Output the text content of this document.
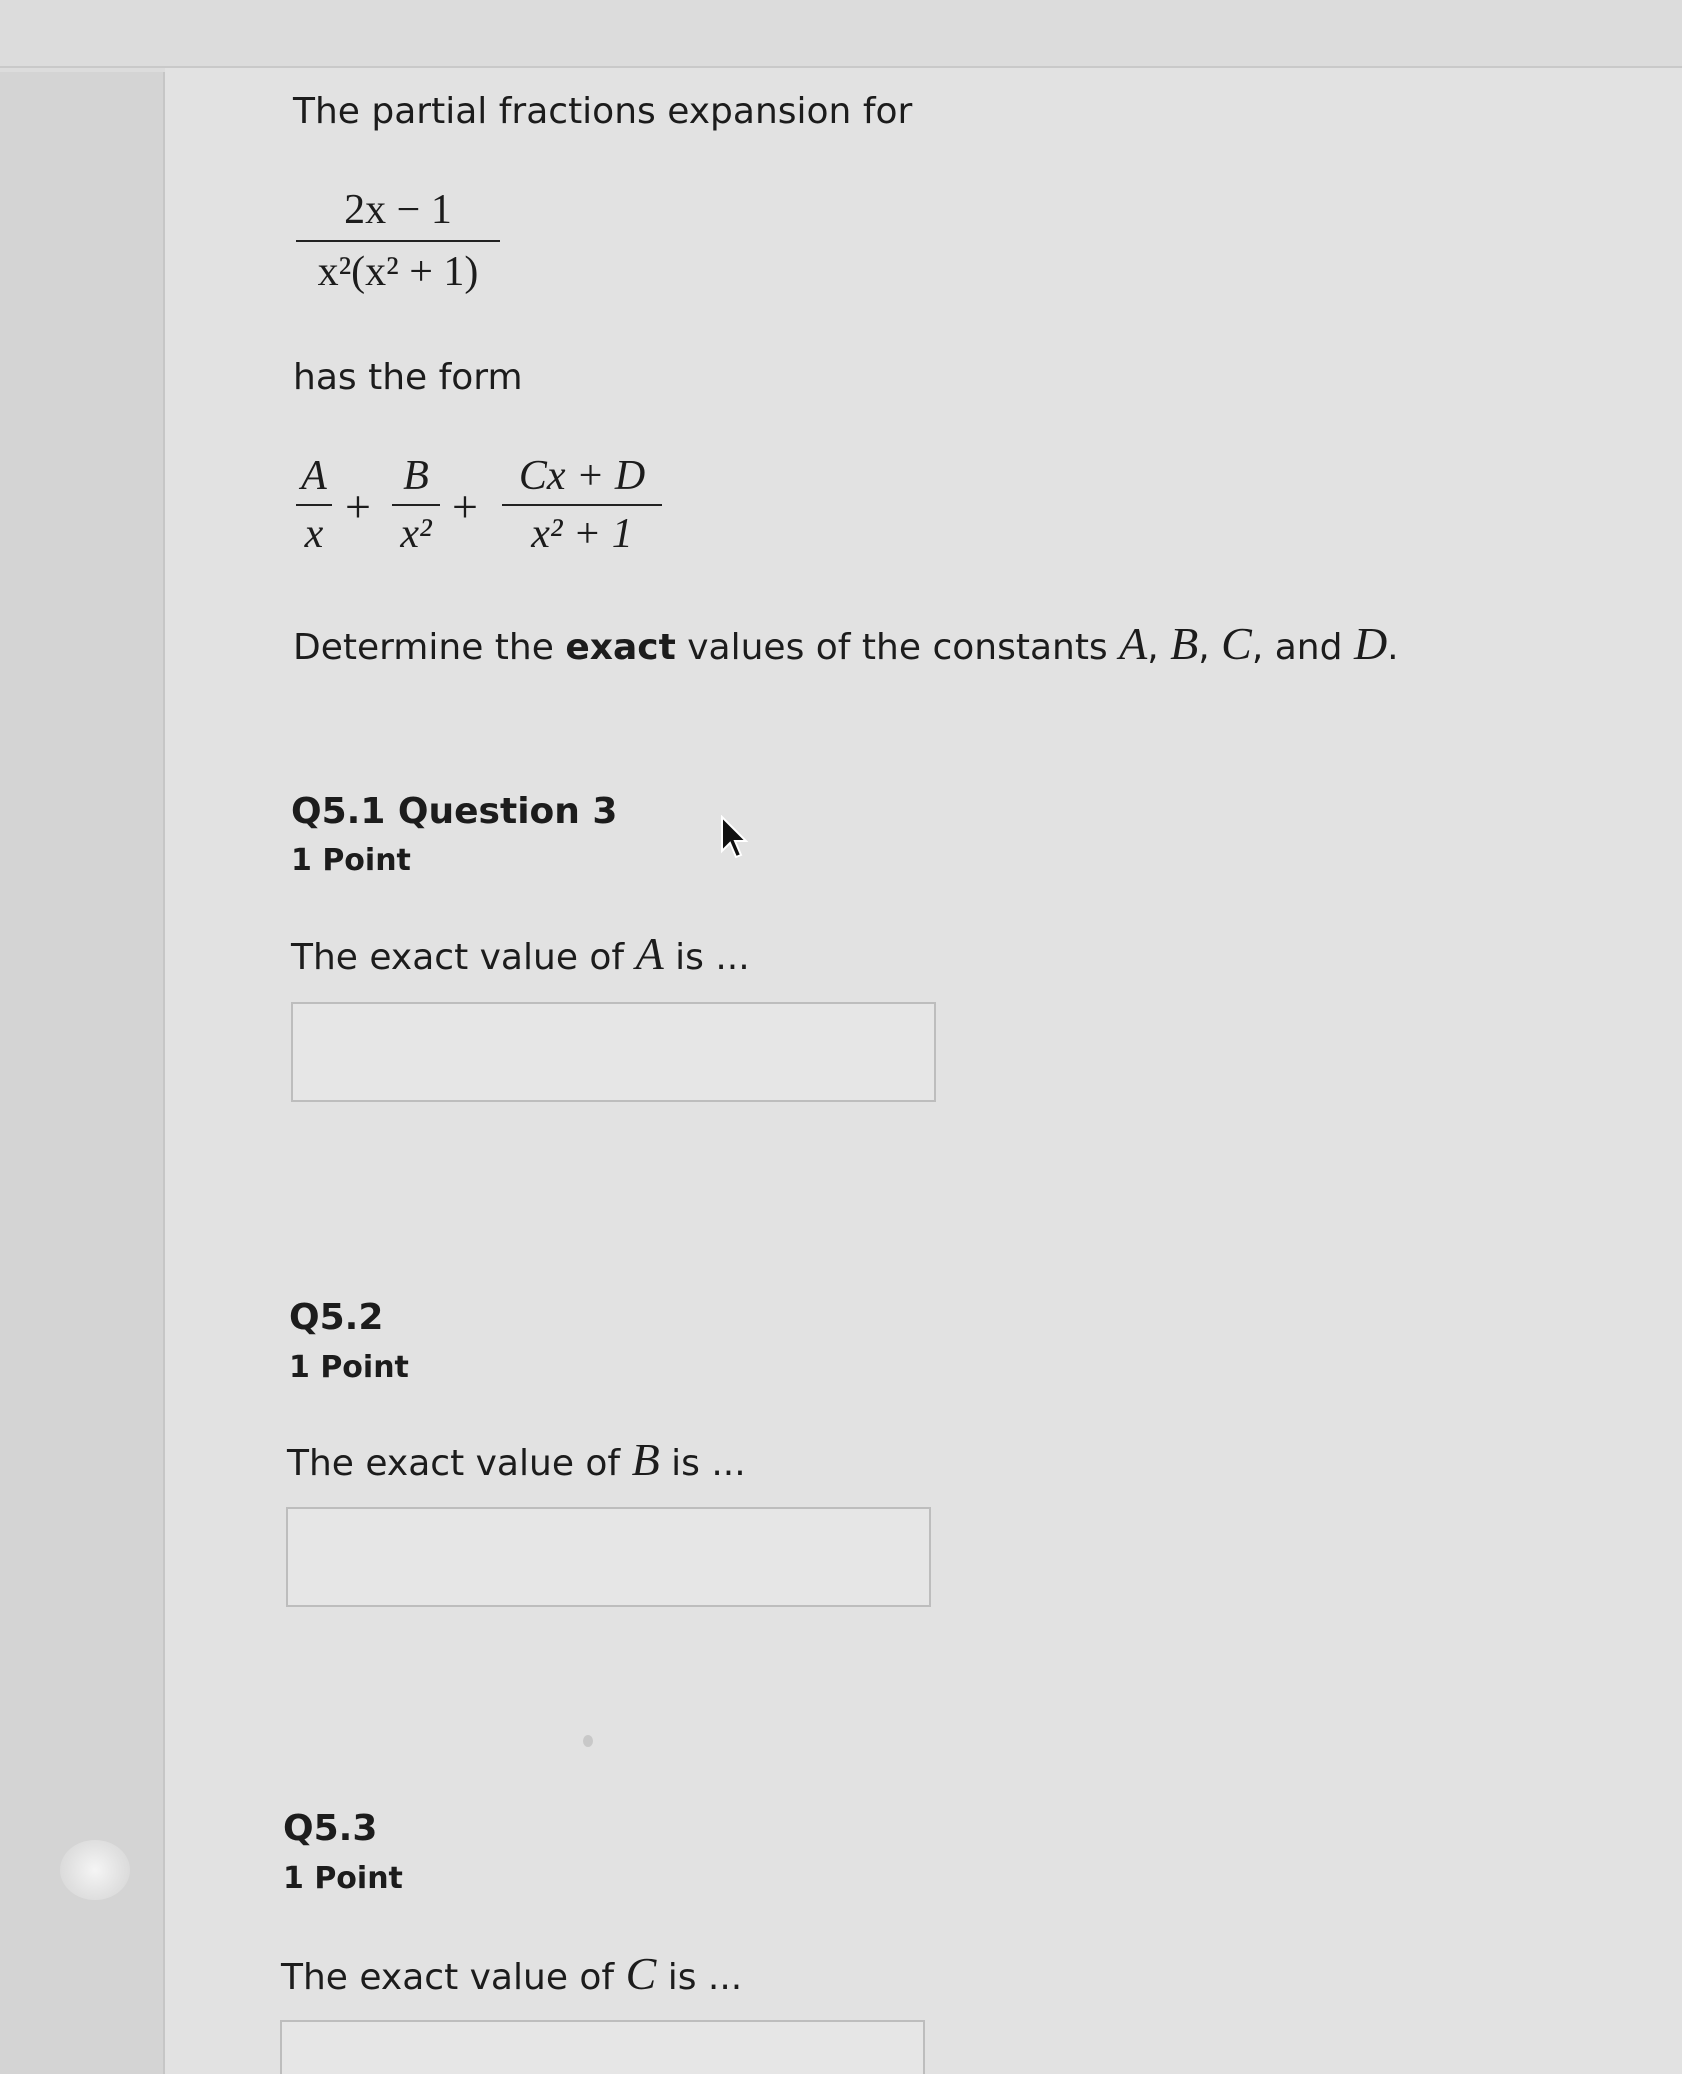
The partial fractions expansion for
2x − 1
x²(x² + 1)
has the form
A
x
+
B
x²
+
Cx + D
x² + 1
Determine the exact values of the constants A, B, C, and D.
Q5.1 Question 3
1 Point
The exact value of A is ...
Q5.2
1 Point
The exact value of B is ...
Q5.3
1 Point
The exact value of C is ...
